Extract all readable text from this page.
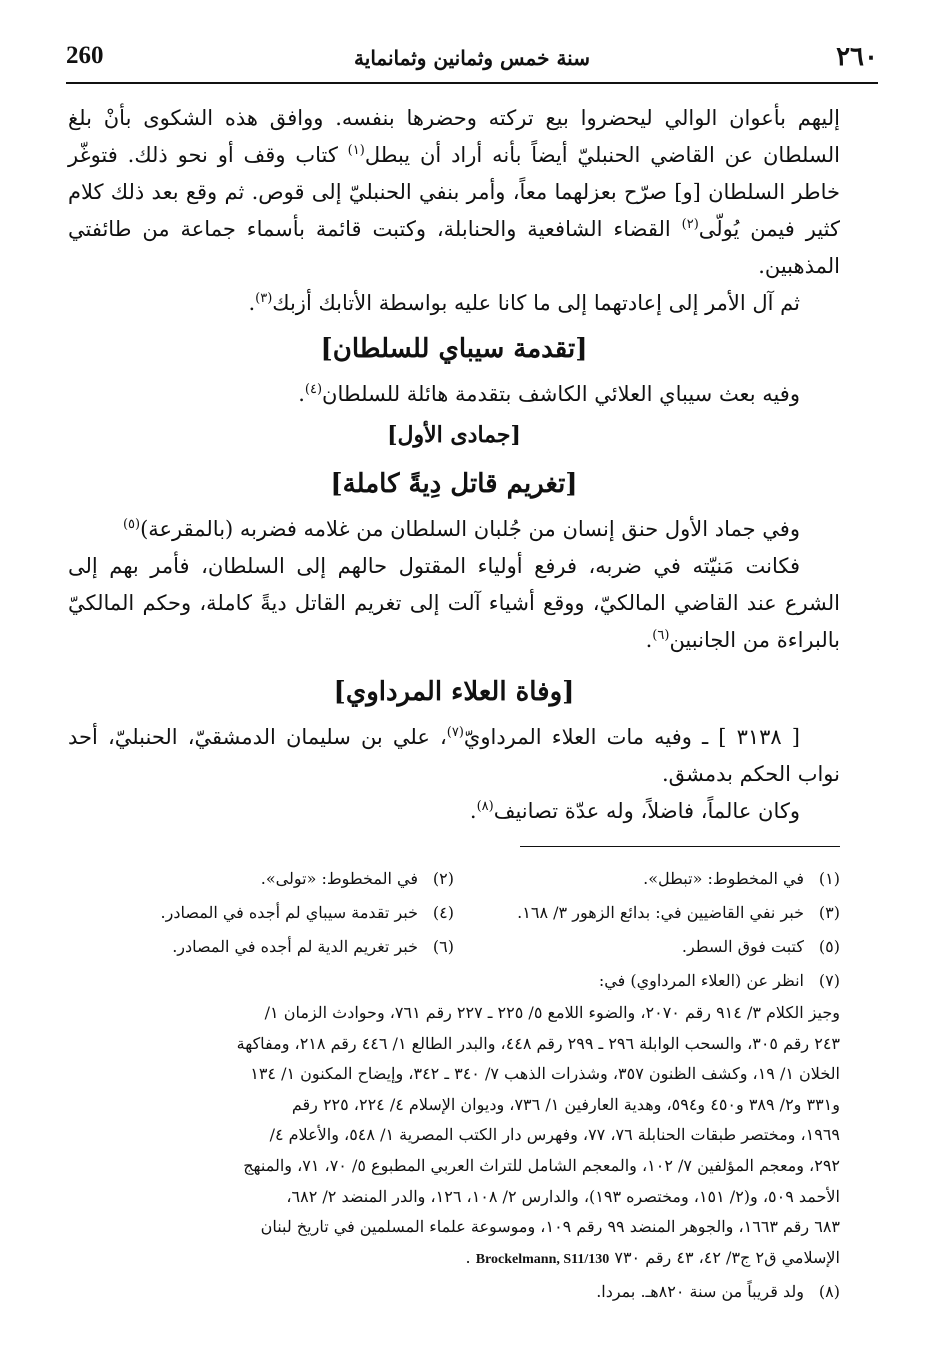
٢٦٠
سنة خمس وثمانين وثمانماية
260

إليهم بأعوان الوالي ليحضروا بيع تركته وحضرها بنفسه. ووافق هذه الشكوى بأنْ بلغ السلطان عن القاضي الحنبليّ أيضاً بأنه أراد أن يبطل$^{(١)}$ كتاب وقف أو نحو ذلك. فتوغّر خاطر السلطان [و] صرّح بعزلهما معاً، وأمر بنفي الحنبليّ إلى قوص. ثم وقع بعد ذلك كلام كثير فيمن يُولّى$^{(٢)}$ القضاء الشافعية والحنابلة، وكتبت قائمة بأسماء جماعة من طائفتي المذهبين.

ثم آل الأمر إلى إعادتهما إلى ما كانا عليه بواسطة الأتابك أزبك$^{(٣)}$.

[تقدمة سيباي للسلطان]

وفيه بعث سيباي العلائي الكاشف بتقدمة هائلة للسلطان$^{(٤)}$.

[جمادى الأول]

[تغريم قاتل دِيةً كاملة]

وفي جماد الأول حنق إنسان من جُلبان السلطان من غلامه فضربه (بالمقرعة)$^{(٥)}$

فكانت مَنيّته في ضربه، فرفع أولياء المقتول حالهم إلى السلطان، فأمر بهم إلى الشرع عند القاضي المالكيّ، ووقع أشياء آلت إلى تغريم القاتل ديةً كاملة، وحكم المالكيّ بالبراءة من الجانبين$^{(٦)}$.

[وفاة العلاء المرداوي]

[ ٣١٣٨ ] ـ وفيه مات العلاء المرداويّ$^{(٧)}$، علي بن سليمان الدمشقيّ، الحنبليّ، أحد نواب الحكم بدمشق.

وكان عالماً، فاضلاً، وله عدّة تصانيف$^{(٨)}$.

(١)
في المخطوط: «تبطل».
(٢)
في المخطوط: «تولى».
(٣)
خبر نفي القاضيين في: بدائع الزهور ٣/ ١٦٨.
(٤)
خبر تقدمة سيباي لم أجده في المصادر.
(٥)
كتبت فوق السطر.
(٦)
خبر تغريم الدية لم أجده في المصادر.
(٧)
انظر عن (العلاء المرداوي) في:

وجيز الكلام ٣/ ٩١٤ رقم ٢٠٧٠، والضوء اللامع ٥/ ٢٢٥ ـ ٢٢٧ رقم ٧٦١، وحوادث الزمان ١/

٢٤٣ رقم ٣٠٥، والسحب الوابلة ٢٩٦ ـ ٢٩٩ رقم ٤٤٨، والبدر الطالع ١/ ٤٤٦ رقم ٢١٨، ومفاكهة

الخلان ١/ ١٩، وكشف الظنون ٣٥٧، وشذرات الذهب ٧/ ٣٤٠ ـ ٣٤٢، وإيضاح المكنون ١/ ١٣٤

و٣٣١ و٢/ ٣٨٩ و٤٥٠ و٥٩٤، وهدية العارفين ١/ ٧٣٦، وديوان الإسلام ٤/ ٢٢٤، ٢٢٥ رقم

١٩٦٩، ومختصر طبقات الحنابلة ٧٦، ٧٧، وفهرس دار الكتب المصرية ١/ ٥٤٨، والأعلام ٤/

٢٩٢، ومعجم المؤلفين ٧/ ١٠٢، والمعجم الشامل للتراث العربي المطبوع ٥/ ٧٠، ٧١، والمنهج

الأحمد ٥٠٩، و(٢/ ١٥١، ومختصره ١٩٣)، والدارس ٢/ ١٠٨، ١٢٦، والدر المنضد ٢/ ٦٨٢،

٦٨٣ رقم ١٦٦٣، والجوهر المنضد ٩٩ رقم ١٠٩، وموسوعة علماء المسلمين في تاريخ لبنان

الإسلامي ق٢ ج٣/ ٤٢، ٤٣ رقم ٧٣٠ Brockelmann, S11/130 .

(٨)
ولد قريباً من سنة ٨٢٠هـ. بمردا.
